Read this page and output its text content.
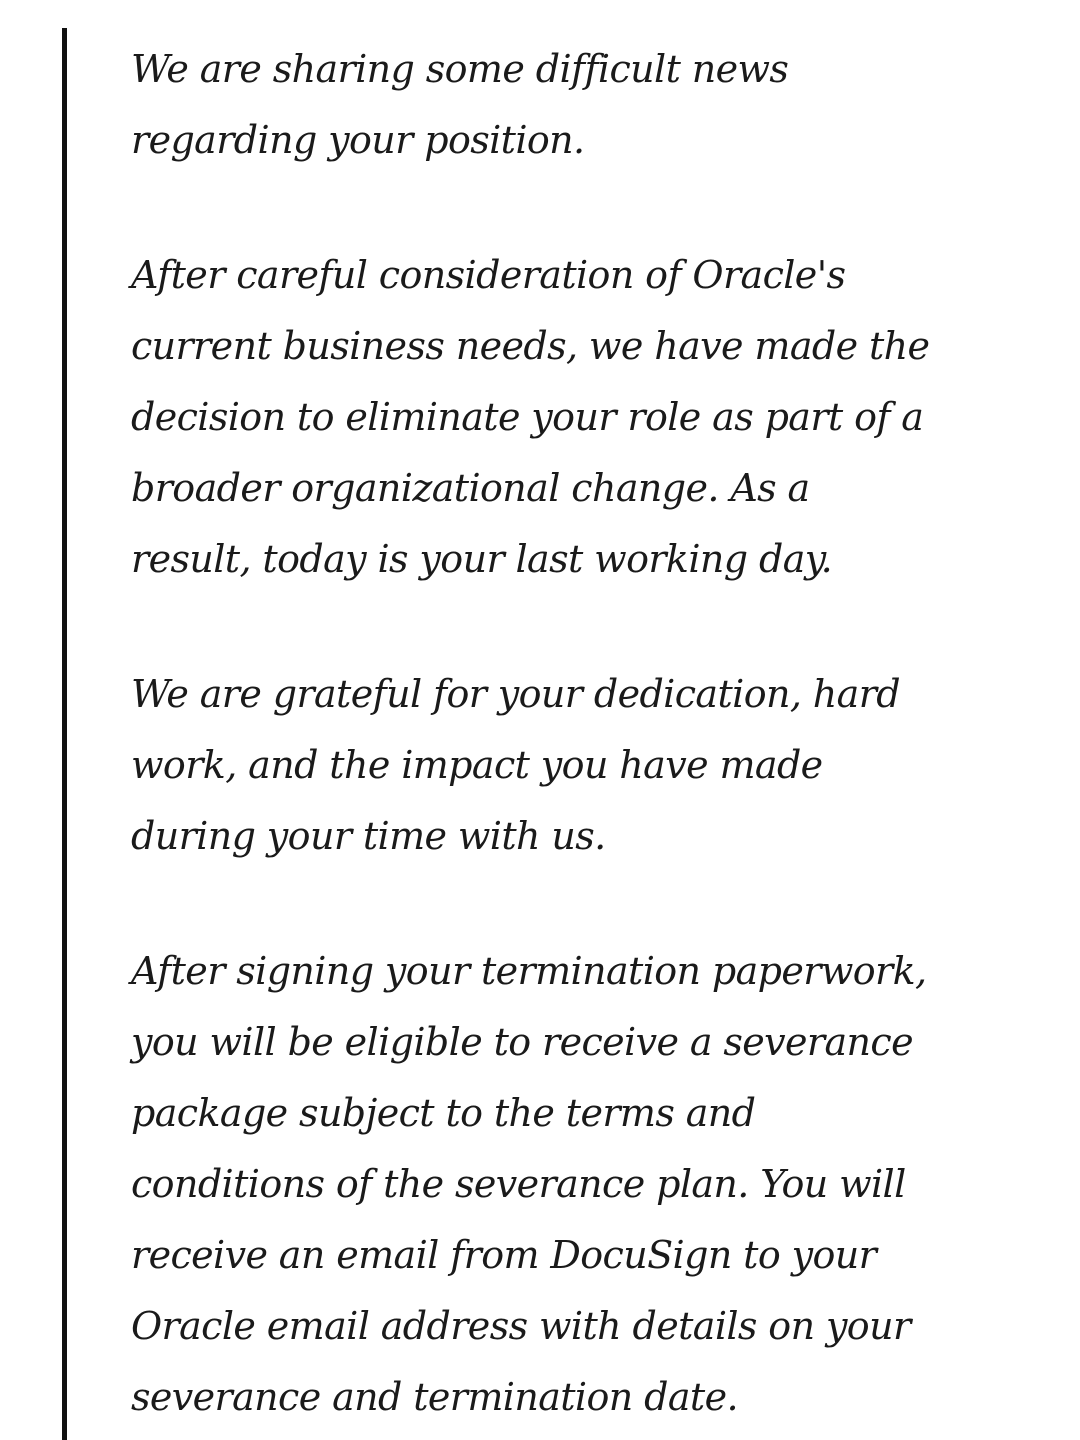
We are sharing some difficult news
regarding your position.

After careful consideration of Oracle's
current business needs, we have made the
decision to eliminate your role as part of a
broader organizational change. As a
result, today is your last working day.

We are grateful for your dedication, hard
work, and the impact you have made
during your time with us.

After signing your termination paperwork,
you will be eligible to receive a severance
package subject to the terms and
conditions of the severance plan. You will
receive an email from DocuSign to your
Oracle email address with details on your
severance and termination date.
